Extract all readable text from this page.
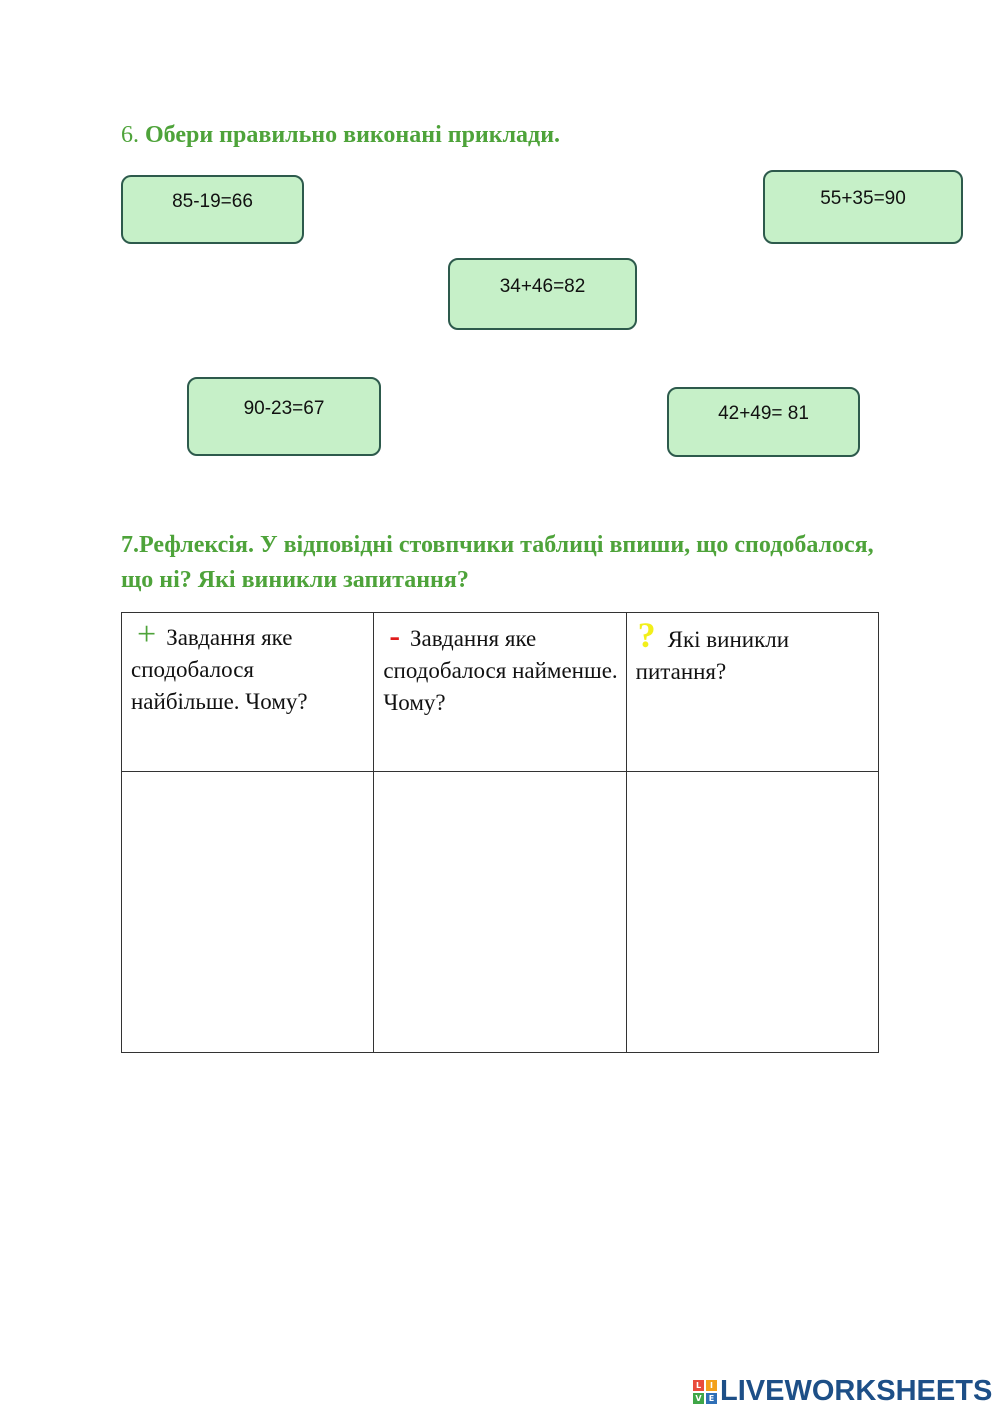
6. Обери правильно виконані приклади.
85-19=66	55+35=90
34+46=82
90-23=67	42+49= 81
7.Рефлексія. У відповідні стовпчики таблиці впиши, що сподобалося, що ні? Які виникли запитання?
+ Завдання яке сподобалося найбільше. Чому?	- Завдання яке сподобалося найменше. Чому?	? Які виникли питання?

L	I
V E LIVEWORKSHEETS
